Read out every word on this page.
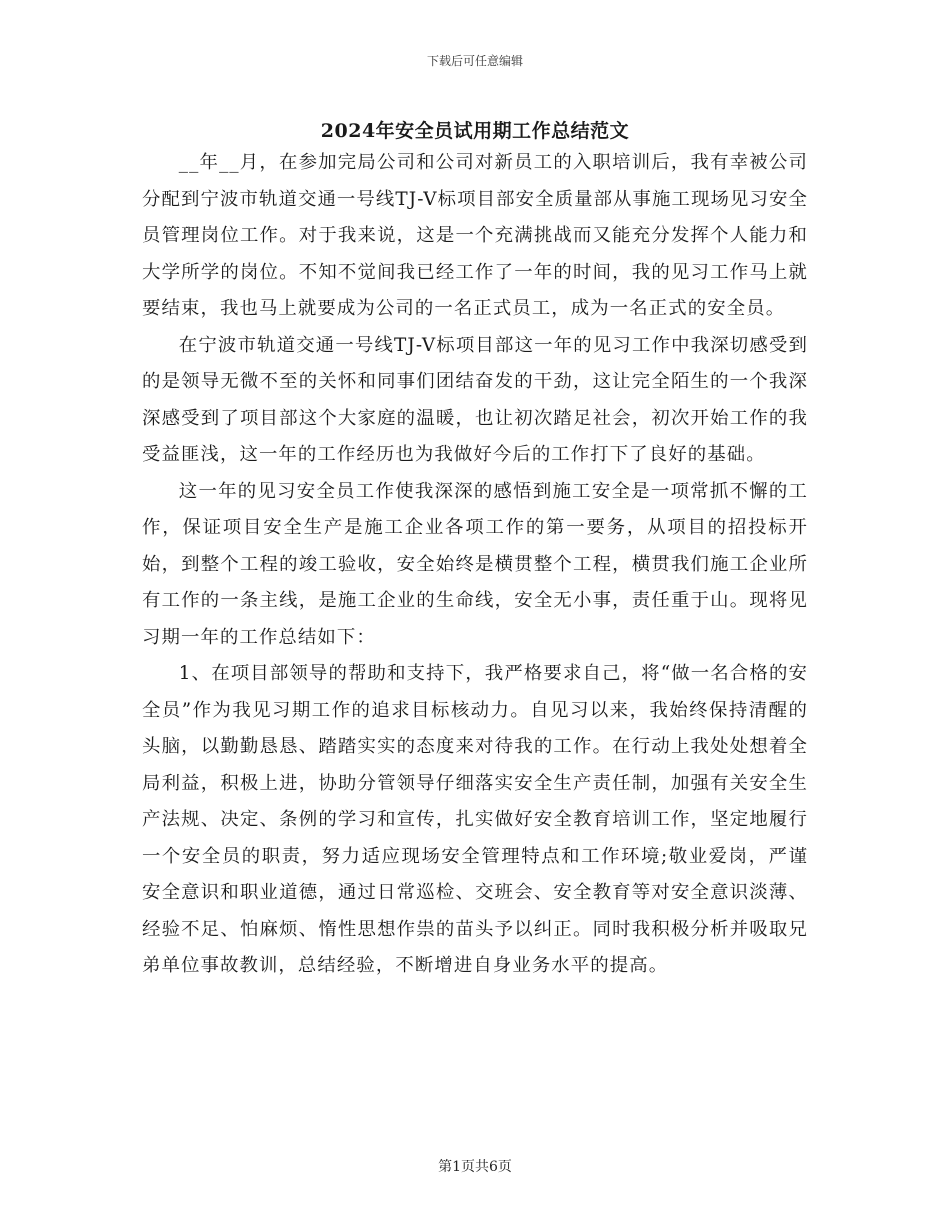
下载后可任意编辑
2024年安全员试用期工作总结范文

__年__月，在参加完局公司和公司对新员工的入职培训后，我有幸被公司分配到宁波市轨道交通一号线TJ-V标项目部安全质量部从事施工现场见习安全员管理岗位工作。对于我来说，这是一个充满挑战而又能充分发挥个人能力和大学所学的岗位。不知不觉间我已经工作了一年的时间，我的见习工作马上就要结束，我也马上就要成为公司的一名正式员工，成为一名正式的安全员。

在宁波市轨道交通一号线TJ-V标项目部这一年的见习工作中我深切感受到的是领导无微不至的关怀和同事们团结奋发的干劲，这让完全陌生的一个我深深感受到了项目部这个大家庭的温暖，也让初次踏足社会，初次开始工作的我受益匪浅，这一年的工作经历也为我做好今后的工作打下了良好的基础。

这一年的见习安全员工作使我深深的感悟到施工安全是一项常抓不懈的工作，保证项目安全生产是施工企业各项工作的第一要务，从项目的招投标开始，到整个工程的竣工验收，安全始终是横贯整个工程，横贯我们施工企业所有工作的一条主线，是施工企业的生命线，安全无小事，责任重于山。现将见习期一年的工作总结如下：

1、在项目部领导的帮助和支持下，我严格要求自己，将“做一名合格的安全员”作为我见习期工作的追求目标核动力。自见习以来，我始终保持清醒的头脑，以勤勤恳恳、踏踏实实的态度来对待我的工作。在行动上我处处想着全局利益，积极上进，协助分管领导仔细落实安全生产责任制，加强有关安全生产法规、决定、条例的学习和宣传，扎实做好安全教育培训工作，坚定地履行一个安全员的职责，努力适应现场安全管理特点和工作环境;敬业爱岗，严谨安全意识和职业道德，通过日常巡检、交班会、安全教育等对安全意识淡薄、经验不足、怕麻烦、惰性思想作祟的苗头予以纠正。同时我积极分析并吸取兄弟单位事故教训，总结经验，不断增进自身业务水平的提高。

第1页共6页
